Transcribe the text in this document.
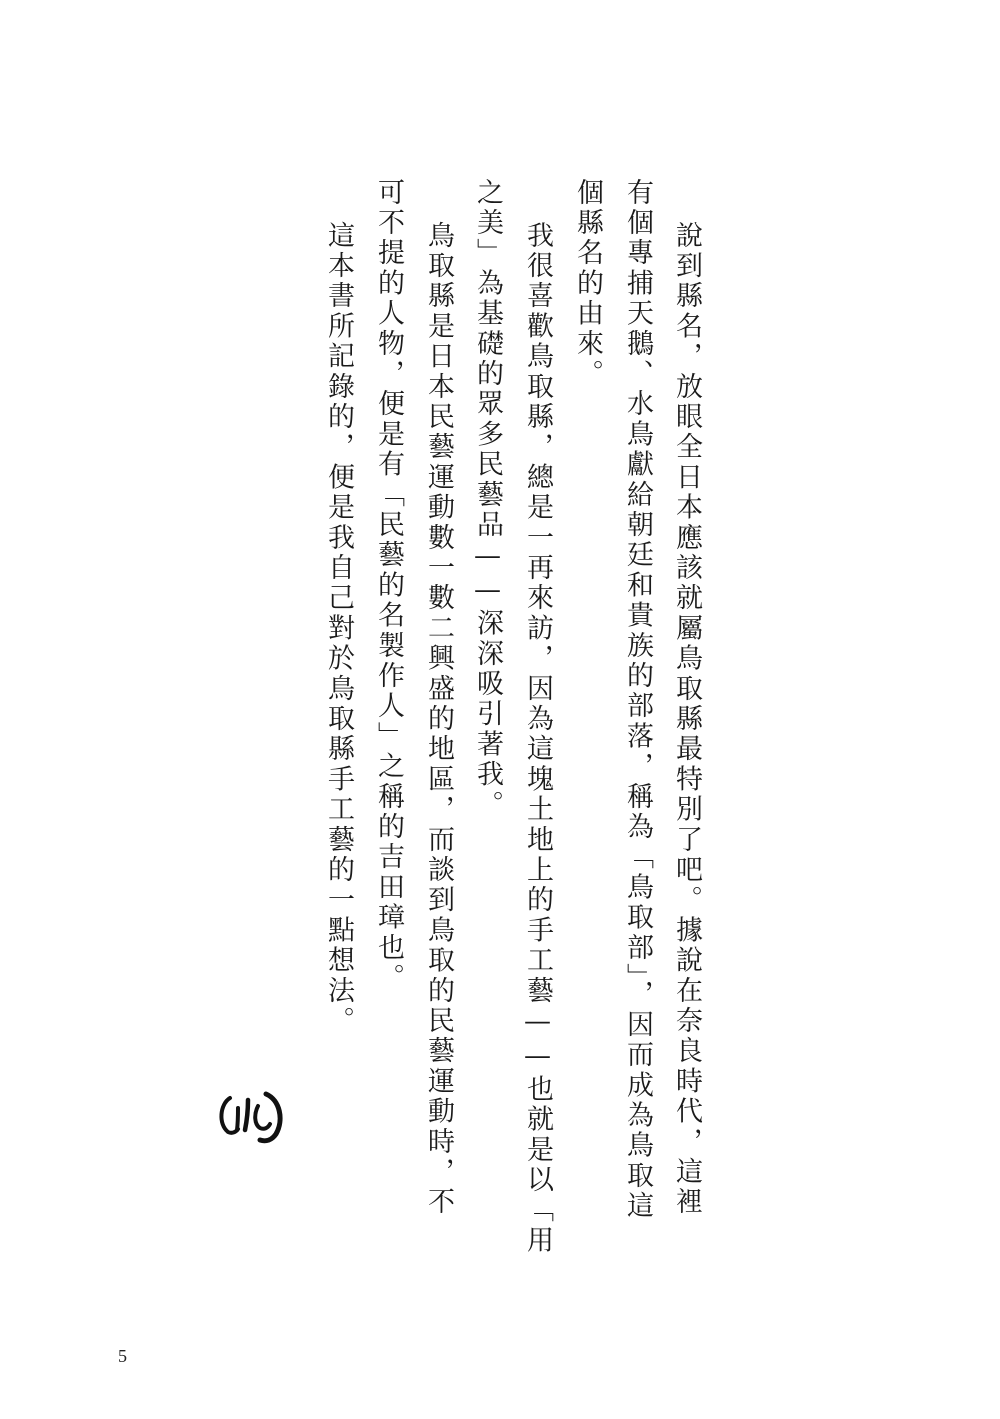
說到縣名，放眼全日本應該就屬鳥取縣最特別了吧。據說在奈良時代，這裡

有個專捕天鵝、水鳥獻給朝廷和貴族的部落，稱為「鳥取部」，因而成為鳥取這

個縣名的由來。

我很喜歡鳥取縣，總是一再來訪，因為這塊土地上的手工藝——也就是以「用

之美」為基礎的眾多民藝品——深深吸引著我。

鳥取縣是日本民藝運動數一數二興盛的地區，而談到鳥取的民藝運動時，不

可不提的人物，便是有「民藝的名製作人」之稱的吉田璋也。

這本書所記錄的，便是我自己對於鳥取縣手工藝的一點想法。

5
